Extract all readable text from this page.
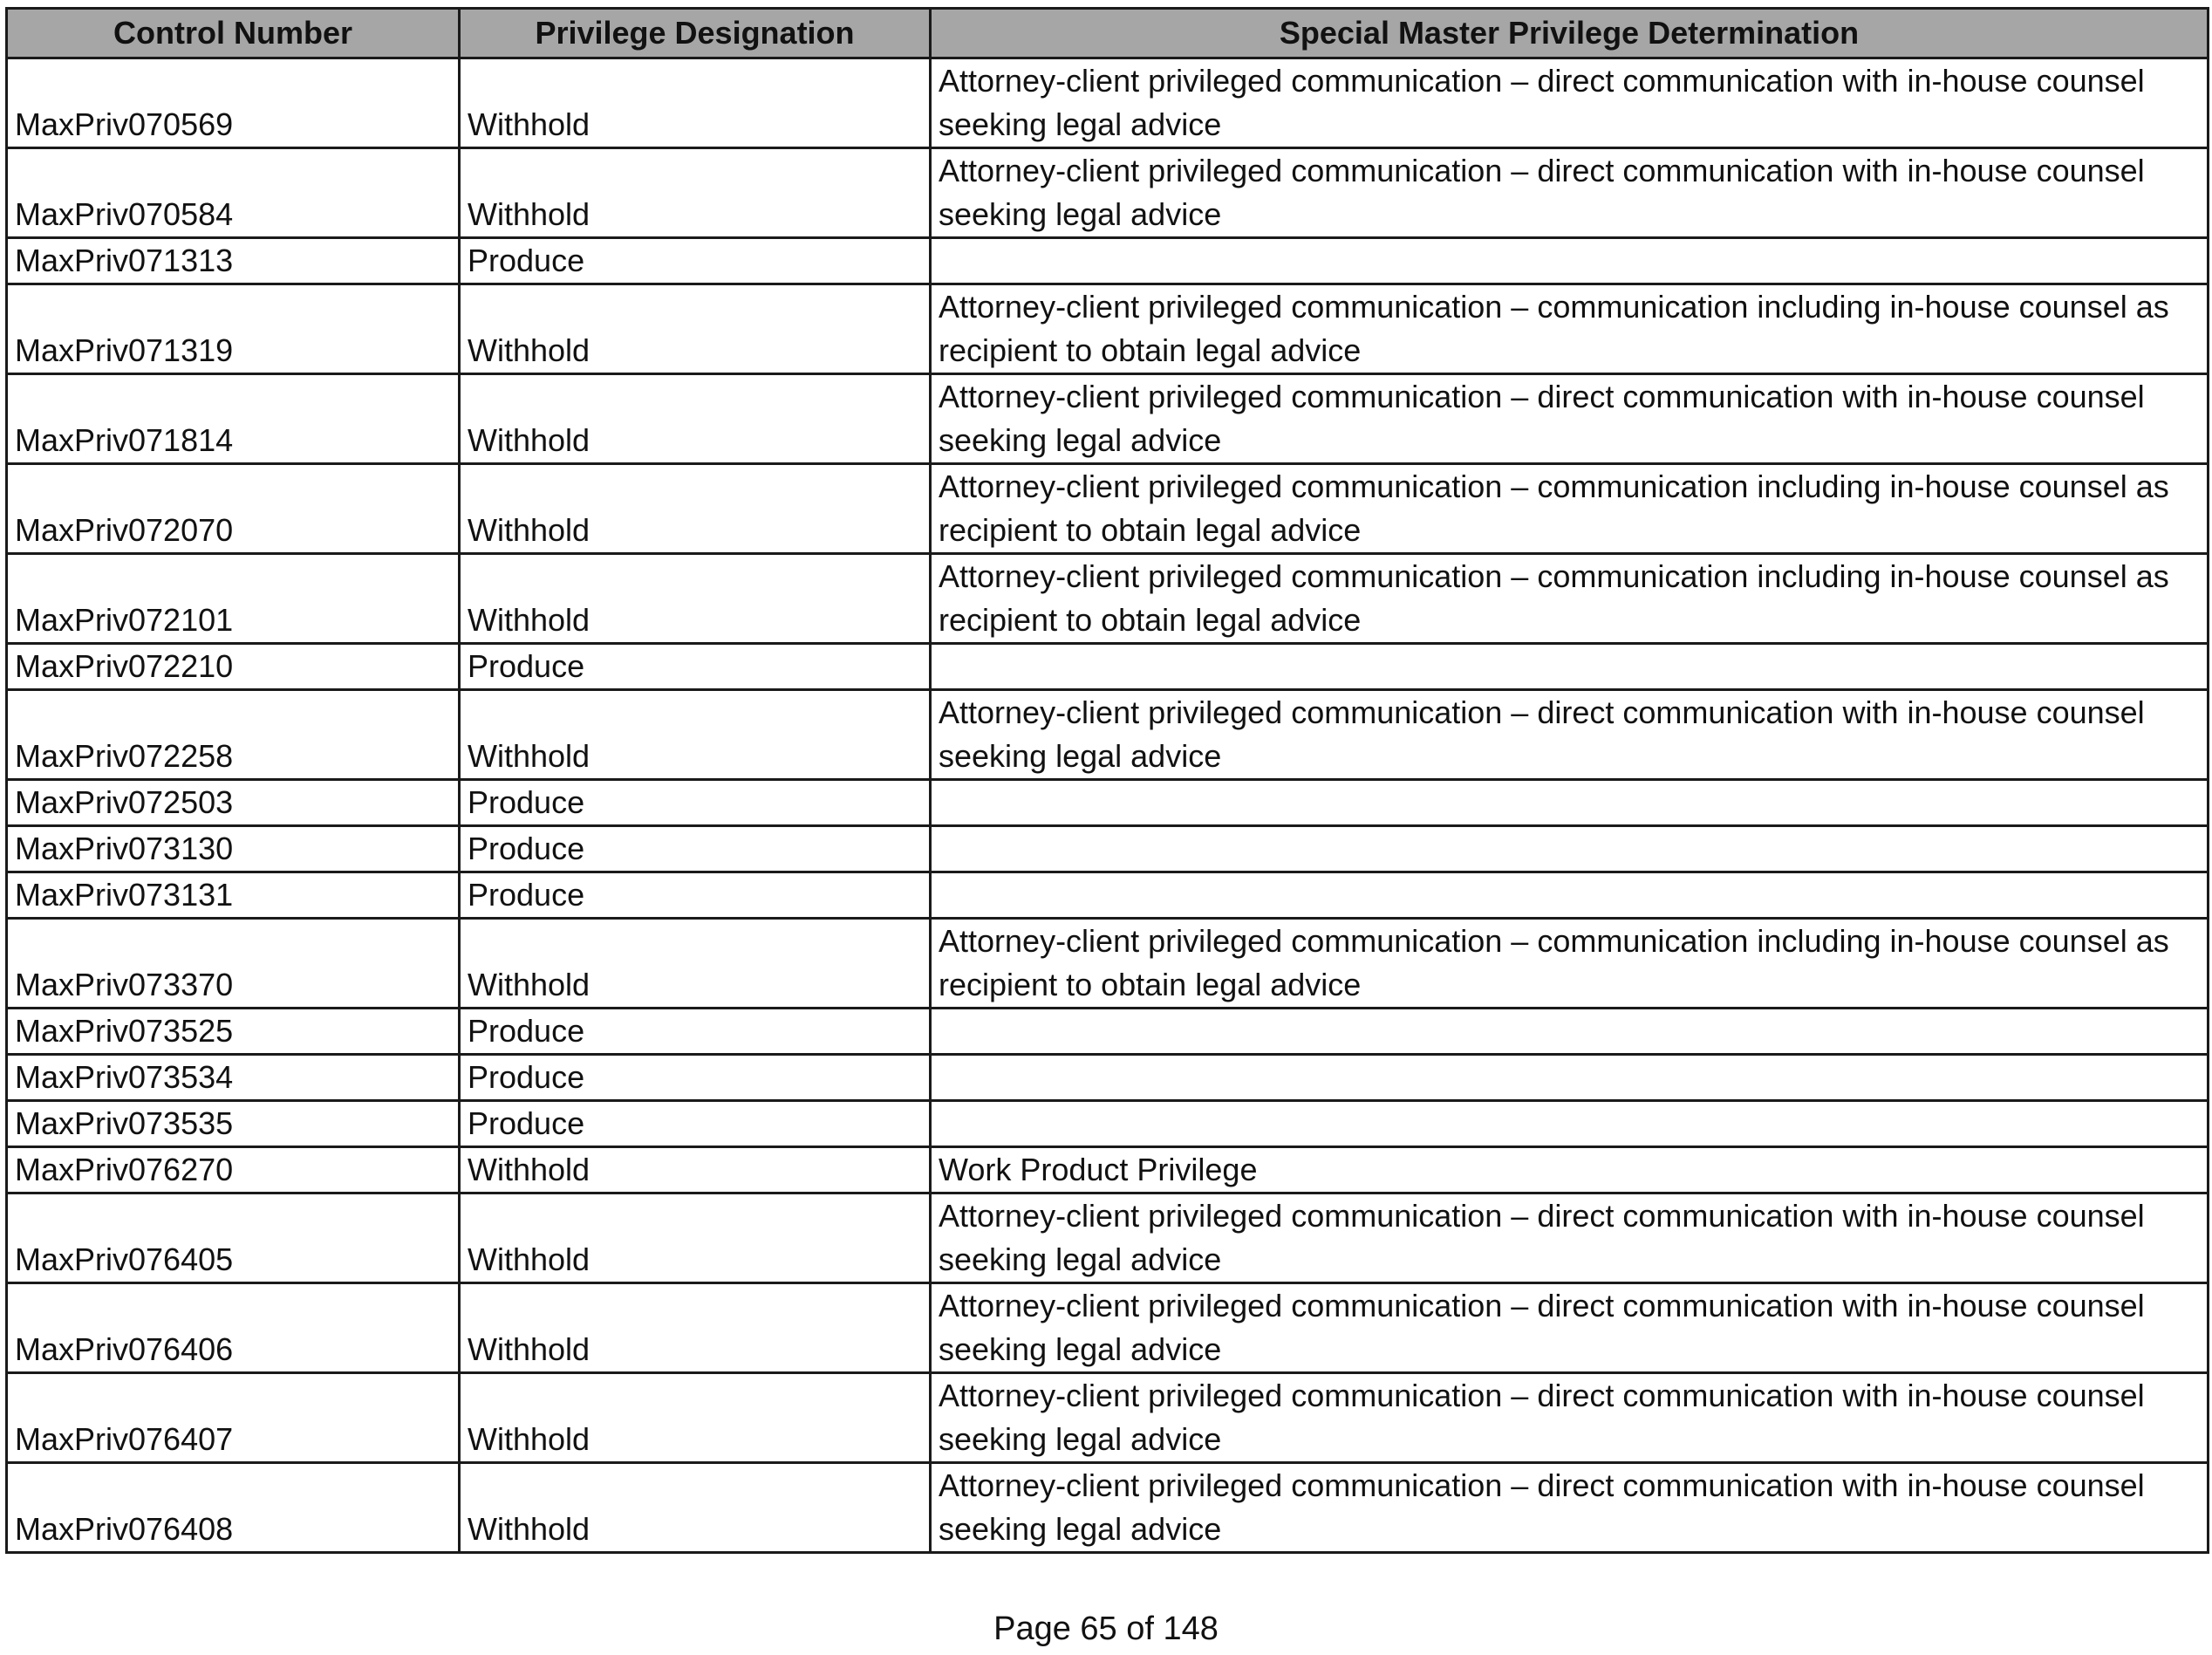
Control Number	Privilege Designation	Special Master Privilege Determination
MaxPriv070569	Withhold	Attorney-client privileged communication – direct communication with in-house counsel seeking legal advice
MaxPriv070584	Withhold	Attorney-client privileged communication – direct communication with in-house counsel seeking legal advice
MaxPriv071313	Produce	
MaxPriv071319	Withhold	Attorney-client privileged communication – communication including in-house counsel as recipient to obtain legal advice
MaxPriv071814	Withhold	Attorney-client privileged communication – direct communication with in-house counsel seeking legal advice
MaxPriv072070	Withhold	Attorney-client privileged communication – communication including in-house counsel as recipient to obtain legal advice
MaxPriv072101	Withhold	Attorney-client privileged communication – communication including in-house counsel as recipient to obtain legal advice
MaxPriv072210	Produce	
MaxPriv072258	Withhold	Attorney-client privileged communication – direct communication with in-house counsel seeking legal advice
MaxPriv072503	Produce	
MaxPriv073130	Produce	
MaxPriv073131	Produce	
MaxPriv073370	Withhold	Attorney-client privileged communication – communication including in-house counsel as recipient to obtain legal advice
MaxPriv073525	Produce	
MaxPriv073534	Produce	
MaxPriv073535	Produce	
MaxPriv076270	Withhold	Work Product Privilege
MaxPriv076405	Withhold	Attorney-client privileged communication – direct communication with in-house counsel seeking legal advice
MaxPriv076406	Withhold	Attorney-client privileged communication – direct communication with in-house counsel seeking legal advice
MaxPriv076407	Withhold	Attorney-client privileged communication – direct communication with in-house counsel seeking legal advice
MaxPriv076408	Withhold	Attorney-client privileged communication – direct communication with in-house counsel seeking legal advice
Page 65 of 148
